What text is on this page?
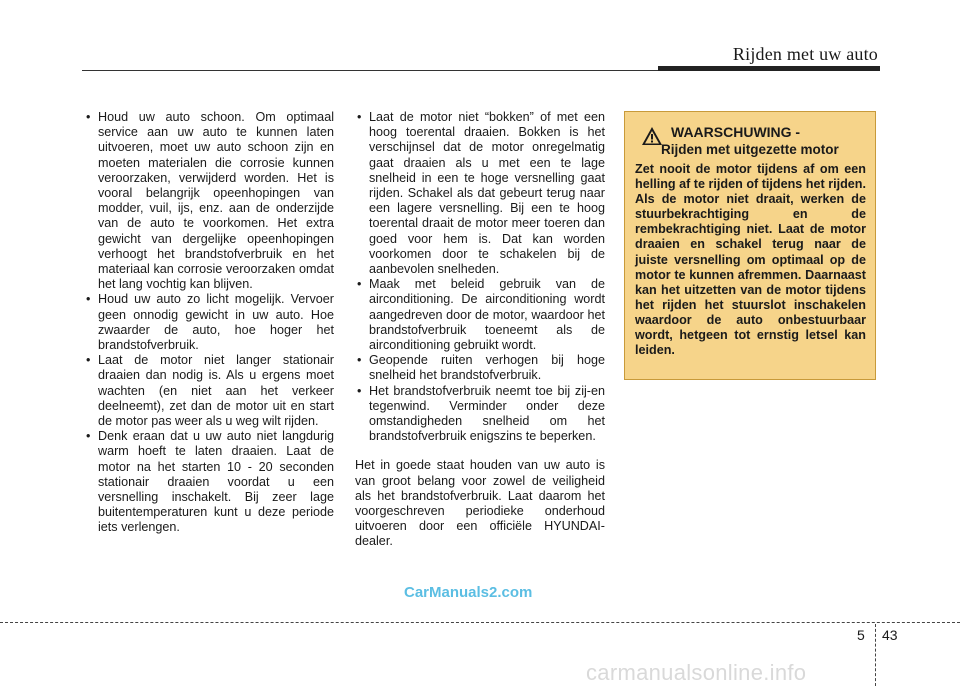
Rijden met uw auto
• Houd uw auto schoon. Om optimaal service aan uw auto te kunnen laten uitvoeren, moet uw auto schoon zijn en moeten materialen die corrosie kunnen veroorzaken, verwijderd worden. Het is vooral belangrijk opeenhopingen van modder, vuil, ijs, enz. aan de onderzijde van de auto te voorkomen. Het extra gewicht van dergelijke opeenhopingen verhoogt het brandstofverbruik en het materiaal kan corrosie veroorzaken omdat het lang vochtig kan blijven.
• Houd uw auto zo licht mogelijk. Vervoer geen onnodig gewicht in uw auto. Hoe zwaarder de auto, hoe hoger het brandstofverbruik.
• Laat de motor niet langer stationair draaien dan nodig is. Als u ergens moet wachten (en niet aan het verkeer deelneemt), zet dan de motor uit en start de motor pas weer als u weg wilt rijden.
• Denk eraan dat u uw auto niet langdurig warm hoeft te laten draaien. Laat de motor na het starten 10 - 20 seconden stationair draaien voordat u een versnelling inschakelt. Bij zeer lage buitentemperaturen kunt u deze periode iets verlengen.
• Laat de motor niet “bokken” of met een hoog toerental draaien. Bokken is het verschijnsel dat de motor onregelmatig gaat draaien als u met een te lage snelheid in een te hoge versnelling gaat rijden. Schakel als dat gebeurt terug naar een lagere versnelling. Bij een te hoog toerental draait de motor meer toeren dan goed voor hem is. Dat kan worden voorkomen door te schakelen bij de aanbevolen snelheden.
• Maak met beleid gebruik van de airconditioning. De airconditioning wordt aangedreven door de motor, waardoor het brandstofverbruik toeneemt als de airconditioning gebruikt wordt.
• Geopende ruiten verhogen bij hoge snelheid het brandstofverbruik.
• Het brandstofverbruik neemt toe bij zij-en tegenwind. Verminder onder deze omstandigheden snelheid om het brandstofverbruik enigszins te beperken.
Het in goede staat houden van uw auto is van groot belang voor zowel de veiligheid als het brandstofverbruik. Laat daarom het voorgeschreven periodieke onderhoud uitvoeren door een officiële HYUNDAI-dealer.
WAARSCHUWING -
Rijden met uitgezette motor
Zet nooit de motor tijdens af om een helling af te rijden of tijdens het rijden. Als de motor niet draait, werken de stuurbekrachtiging en de rembekrachtiging niet. Laat de motor draaien en schakel terug naar de juiste versnelling om optimaal op de motor te kunnen afremmen. Daarnaast kan het uitzetten van de motor tijdens het rijden het stuurslot inschakelen waardoor de auto onbestuurbaar wordt, hetgeen tot ernstig letsel kan leiden.
CarManuals2.com
5 43
carmanualsonline.info
